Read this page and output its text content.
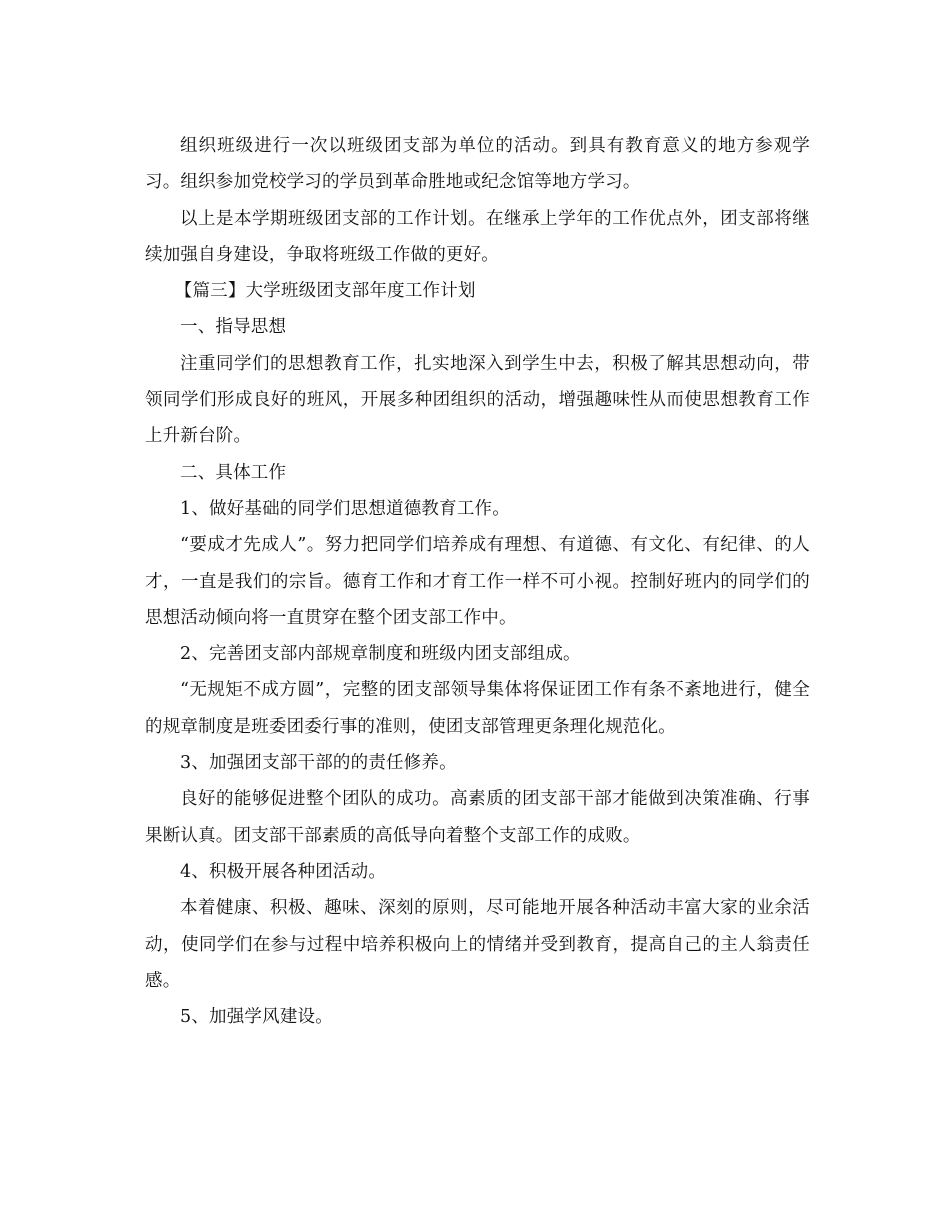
组织班级进行一次以班级团支部为单位的活动。到具有教育意义的地方参观学习。组织参加党校学习的学员到革命胜地或纪念馆等地方学习。

以上是本学期班级团支部的工作计划。在继承上学年的工作优点外，团支部将继续加强自身建设，争取将班级工作做的更好。

【篇三】大学班级团支部年度工作计划

一、指导思想

注重同学们的思想教育工作，扎实地深入到学生中去，积极了解其思想动向，带领同学们形成良好的班风，开展多种团组织的活动，增强趣味性从而使思想教育工作上升新台阶。

二、具体工作

1、做好基础的同学们思想道德教育工作。

“要成才先成人”。努力把同学们培养成有理想、有道德、有文化、有纪律、的人才，一直是我们的宗旨。德育工作和才育工作一样不可小视。控制好班内的同学们的思想活动倾向将一直贯穿在整个团支部工作中。

2、完善团支部内部规章制度和班级内团支部组成。

“无规矩不成方圆”，完整的团支部领导集体将保证团工作有条不紊地进行，健全的规章制度是班委团委行事的准则，使团支部管理更条理化规范化。

3、加强团支部干部的的责任修养。

良好的能够促进整个团队的成功。高素质的团支部干部才能做到决策准确、行事果断认真。团支部干部素质的高低导向着整个支部工作的成败。

4、积极开展各种团活动。

本着健康、积极、趣味、深刻的原则，尽可能地开展各种活动丰富大家的业余活动，使同学们在参与过程中培养积极向上的情绪并受到教育，提高自己的主人翁责任感。

5、加强学风建设。
